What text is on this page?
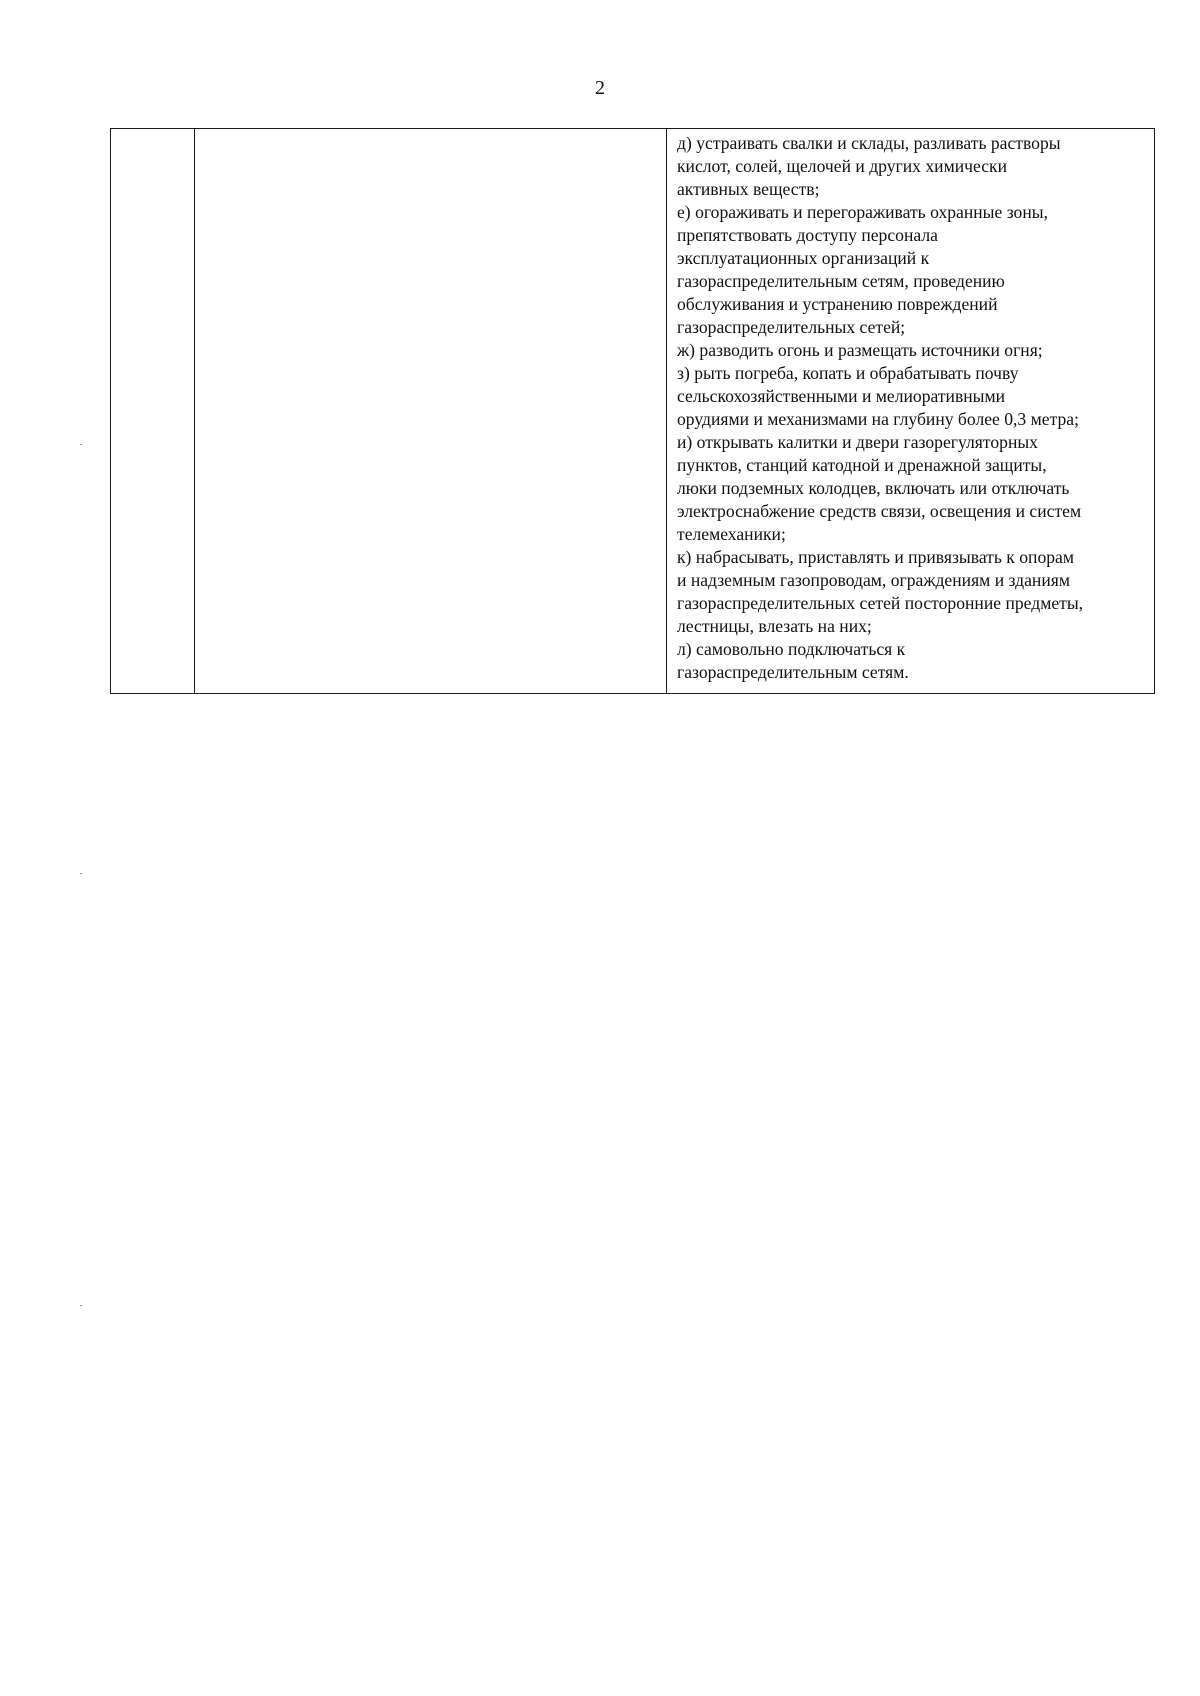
2

д) устраивать свалки и склады, разливать растворы
кислот, солей, щелочей и других химически
активных веществ;
е) огораживать и перегораживать охранные зоны,
препятствовать доступу персонала
эксплуатационных организаций к
газораспределительным сетям, проведению
обслуживания и устранению повреждений
газораспределительных сетей;
ж) разводить огонь и размещать источники огня;
з) рыть погреба, копать и обрабатывать почву
сельскохозяйственными и мелиоративными
орудиями и механизмами на глубину более 0,3 метра;
и) открывать калитки и двери газорегуляторных
пунктов, станций катодной и дренажной защиты,
люки подземных колодцев, включать или отключать
электроснабжение средств связи, освещения и систем
телемеханики;
к) набрасывать, приставлять и привязывать к опорам
и надземным газопроводам, ограждениям и зданиям
газораспределительных сетей посторонние предметы,
лестницы, влезать на них;
л) самовольно подключаться к
газораспределительным сетям.
